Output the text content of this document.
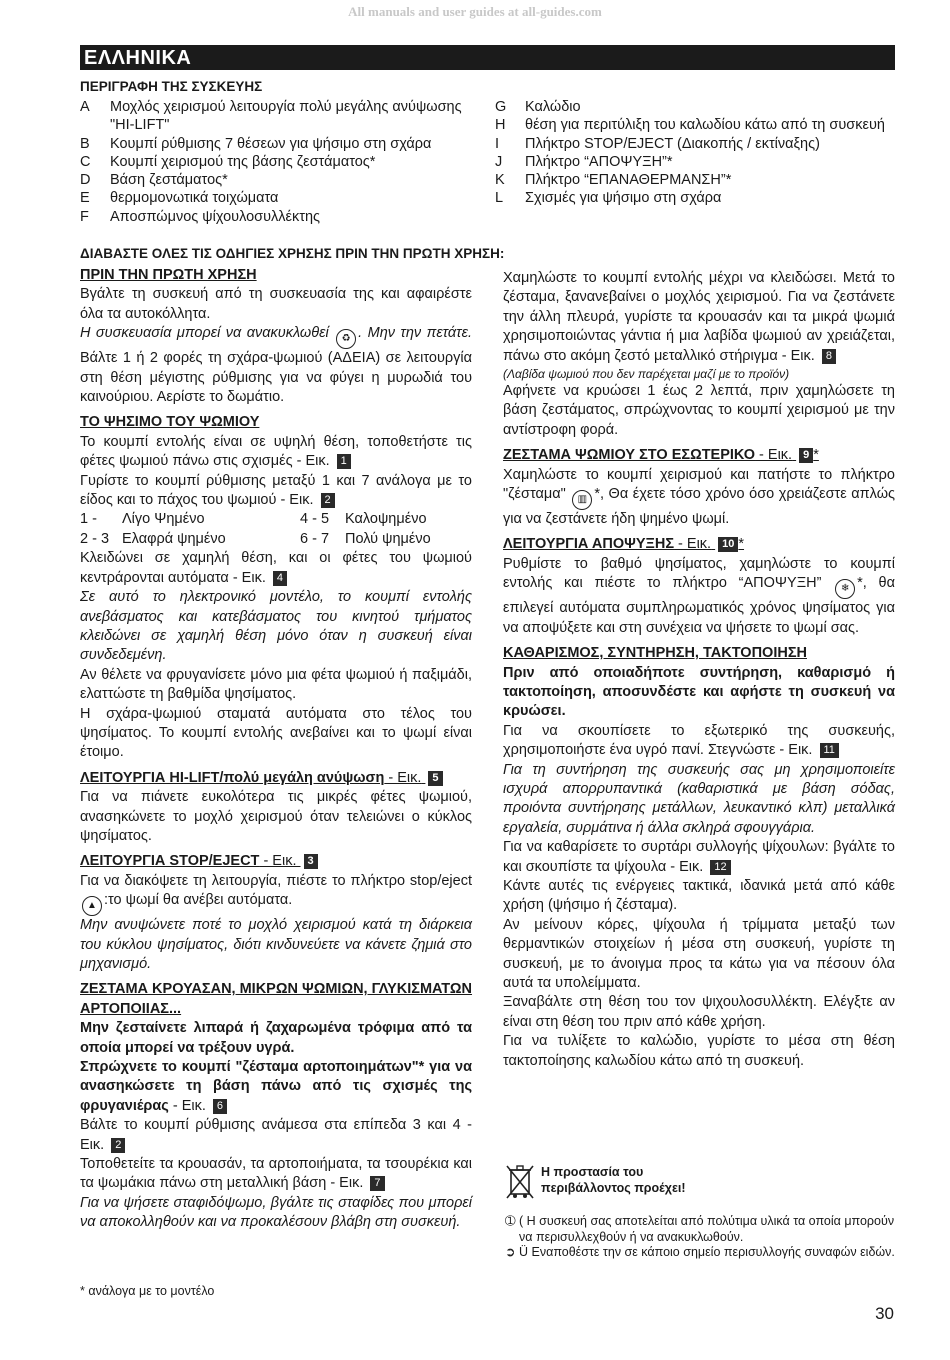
All manuals and user guides at all-guides.com
ΕΛΛΗΝΙΚΑ
ΠΕΡΙΓΡΑΦΗ ΤΗΣ ΣΥΣΚΕΥΗΣ
A	Μοχλός χειρισμού λειτουργία πολύ μεγάλης ανύψωσης "HI-LIFT"
B	Κουμπί ρύθμισης 7 θέσεων για ψήσιμο στη σχάρα
C	Κουμπί χειρισμού της βάσης ζεστάματος*
D	Βάση ζεστάματος*
E	θερμομονωτικά τοιχώματα
F	Αποσπώμνος ψίχουλοσυλλέκτης
G	Καλώδιο
H	θέση για περιτύλιξη του καλωδίου κάτω από τη συσκευή
I	Πλήκτρο STOP/EJECT (Διακοπής / εκτίναξης)
J	Πλήκτρο “ΑΠΟΨΥΞΗ”*
K	Πλήκτρο “ΕΠΑΝΑΘΕΡΜΑΝΣΗ”*
L	Σχισμές για ψήσιμο στη σχάρα
ΔΙΑΒΑΣΤΕ ΟΛΕΣ ΤΙΣ ΟΔΗΓΙΕΣ ΧΡΗΣΗΣ ΠΡΙΝ ΤΗΝ ΠΡΩΤΗ ΧΡΗΣΗ:

ΠΡΙΝ ΤΗΝ ΠΡΩΤΗ ΧΡΗΣΗ

Βγάλτε τη συσκευή από τη συσκευασία της και αφαιρέστε όλα τα αυτοκόλλητα.

Η συσκευασία μπορεί να ανακυκλωθεί ♻ . Μην την πετάτε. Βάλτε 1 ή 2 φορές τη σχάρα-ψωμιού (ΑΔΕΙΑ) σε λειτουργία στη θέση μέγιστης ρύθμισης για να φύγει η μυρωδιά του καινούριου. Αερίστε το δωμάτιο.

ΤΟ ΨΗΣΙΜΟ ΤΟΥ ΨΩΜΙΟΥ

Το κουμπί εντολής είναι σε υψηλή θέση, τοποθετήστε τις φέτες ψωμιού πάνω στις σχισμές - Εικ. 1

Γυρίστε το κουμπί ρύθμισης μεταξύ 1 και 7 ανάλογα με το είδος και το πάχος του ψωμιού - Εικ. 2

1 -	Λίγο Ψημένο	4 - 5	Καλοψημένο
2 - 3 Ελαφρά ψημένο	6 - 7	Πολύ ψημένο

Κλειδώνει σε χαμηλή θέση, και οι φέτες του ψωμιού κεντράρονται αυτόματα - Εικ. 4

Σε αυτό το ηλεκτρονικό μοντέλο, το κουμπί εντολής ανεβάσματος και κατεβάσματος του κινητού τμήματος κλειδώνει σε χαμηλή θέση μόνο όταν η συσκευή είναι συνδεδεμένη.

Αν θέλετε να φρυγανίσετε μόνο μια φέτα ψωμιού ή παξιμάδι, ελαττώστε τη βαθμίδα ψησίματος.

Η σχάρα-ψωμιού σταματά αυτόματα στο τέλος του ψησίματος. Το κουμπί εντολής ανεβαίνει και το ψωμί είναι έτοιμο.

ΛΕΙΤΟΥΡΓΙΑ HI-LIFT/πολύ μεγάλη ανύψωση - Εικ. 5

Για να πιάνετε ευκολότερα τις μικρές φέτες ψωμιού, ανασηκώνετε το μοχλό χειρισμού όταν τελειώνει ο κύκλος ψησίματος.

ΛΕΙΤΟΥΡΓΙΑ STOP/EJECT - Εικ. 3

Για να διακόψετε τη λειτουργία, πιέστε το πλήκτρο stop/eject ▲ :το ψωμί θα ανέβει αυτόματα.

Μην ανυψώνετε ποτέ το μοχλό χειρισμού κατά τη διάρκεια του κύκλου ψησίματος, διότι κινδυνεύετε να κάνετε ζημιά στο μηχανισμό.

ΖΕΣΤΑΜΑ ΚΡΟΥΑΣΑΝ, ΜΙΚΡΩΝ ΨΩΜΙΩΝ, ΓΛΥΚΙΣΜΑΤΩΝ ΑΡΤΟΠΟΙΙΑΣ...

Μην ζεσταίνετε λιπαρά ή ζαχαρωμένα τρόφιμα από τα οποία μπορεί να τρέξουν υγρά.

Σπρώχνετε το κουμπί "ζέσταμα αρτοποιημάτων"* για να ανασηκώσετε τη βάση πάνω από τις σχισμές της φρυγανιέρας - Εικ. 6

Βάλτε το κουμπί ρύθμισης ανάμεσα στα επίπεδα 3 και 4 - Εικ. 2

Τοποθετείτε τα κρουασάν, τα αρτοποιήματα, τα τσουρέκια και τα ψωμάκια πάνω στη μεταλλική βάση - Εικ. 7

Για να ψήσετε σταφιδόψωμο, βγάλτε τις σταφίδες που μπορεί να αποκολληθούν και να προκαλέσουν βλάβη στη συσκευή.

Χαμηλώστε το κουμπί εντολής μέχρι να κλειδώσει. Μετά το ζέσταμα, ξανανεβαίνει ο μοχλός χειρισμού. Για να ζεστάνετε την άλλη πλευρά, γυρίστε τα κρουασάν και τα μικρά ψωμιά χρησιμοποιώντας γάντια ή μια λαβίδα ψωμιού αν χρειάζεται, πάνω στο ακόμη ζεστό μεταλλικό στήριγμα - Εικ. 8

(Λαβίδα ψωμιού που δεν παρέχεται μαζί με το προϊόν)

Αφήνετε να κρυώσει 1 έως 2 λεπτά, πριν χαμηλώσετε τη βάση ζεστάματος, σπρώχνοντας το κουμπί χειρισμού με την αντίστροφη φορά.

ΖΕΣΤΑΜΑ ΨΩΜΙΟΥ ΣΤΟ ΕΣΩΤΕΡΙΚΟ - Εικ. 9 *

Χαμηλώστε το κουμπί χειρισμού και πατήστε το πλήκτρο "ζέσταμα" ▥ *, Θα έχετε τόσο χρόνο όσο χρειάζεστε απλώς για να ζεστάνετε ήδη ψημένο ψωμί.

ΛΕΙΤΟΥΡΓΙΑ ΑΠΟΨΥΞΗΣ - Εικ. 10 *

Ρυθμίστε το βαθμό ψησίματος, χαμηλώστε το κουμπί εντολής και πιέστε το πλήκτρο “ΑΠΟΨΥΞΗ” ❄ *, θα επιλεγεί αυτόματα συμπληρωματικός χρόνος ψησίματος για να αποψύξετε και στη συνέχεια να ψήσετε το ψωμί σας.

ΚΑΘΑΡΙΣΜΟΣ, ΣΥΝΤΗΡΗΣΗ, ΤΑΚΤΟΠΟΙΗΣΗ

Πριν από οποιαδήποτε συντήρηση, καθαρισμό ή τακτοποίηση, αποσυνδέστε και αφήστε τη συσκευή να κρυώσει.

Για να σκουπίσετε το εξωτερικό της συσκευής, χρησιμοποιήστε ένα υγρό πανί. Στεγνώστε - Εικ. 11

Για τη συντήρηση της συσκευής σας μη χρησιμοποιείτε ισχυρά απορρυπαντικά (καθαριστικά με βάση σόδας, προιόντα συντήρησης μετάλλων, λευκαντικό κλπ) μεταλλικά εργαλεία, συρμάτινα ή άλλα σκληρά σφουγγάρια.

Για να καθαρίσετε το συρτάρι συλλογής ψίχουλων: βγάλτε το και σκουπίστε τα ψίχουλα - Εικ. 12

Κάντε αυτές τις ενέργειες τακτικά, ιδανικά μετά από κάθε χρήση (ψήσιμο ή ζέσταμα).

Αν μείνουν κόρες, ψίχουλα ή τρίμματα μεταξύ των θερμαντικών στοιχείων ή μέσα στη συσκευή, γυρίστε τη συσκευή, με το άνοιγμα προς τα κάτω για να πέσουν όλα αυτά τα υπολείμματα.

Ξαναβάλτε στη θέση του τον ψιχουλοσυλλέκτη. Ελέγξτε αν είναι στη θέση του πριν από κάθε χρήση.

Για να τυλίξετε το καλώδιο, γυρίστε το μέσα στη θέση τακτοποίησης καλωδίου κάτω από τη συσκευή.

Η προστασία του
περιβάλλοντος προέχει!
➀ ( Η συσκευή σας αποτελείται από πολύτιμα υλικά τα οποία μπορούν να περισυλλεχθούν ή να ανακυκλωθούν.
➲ Ü Εναποθέστε την σε κάποιο σημείο περισυλλογής συναφών ειδών.
* ανάλογα με το μοντέλο
30
